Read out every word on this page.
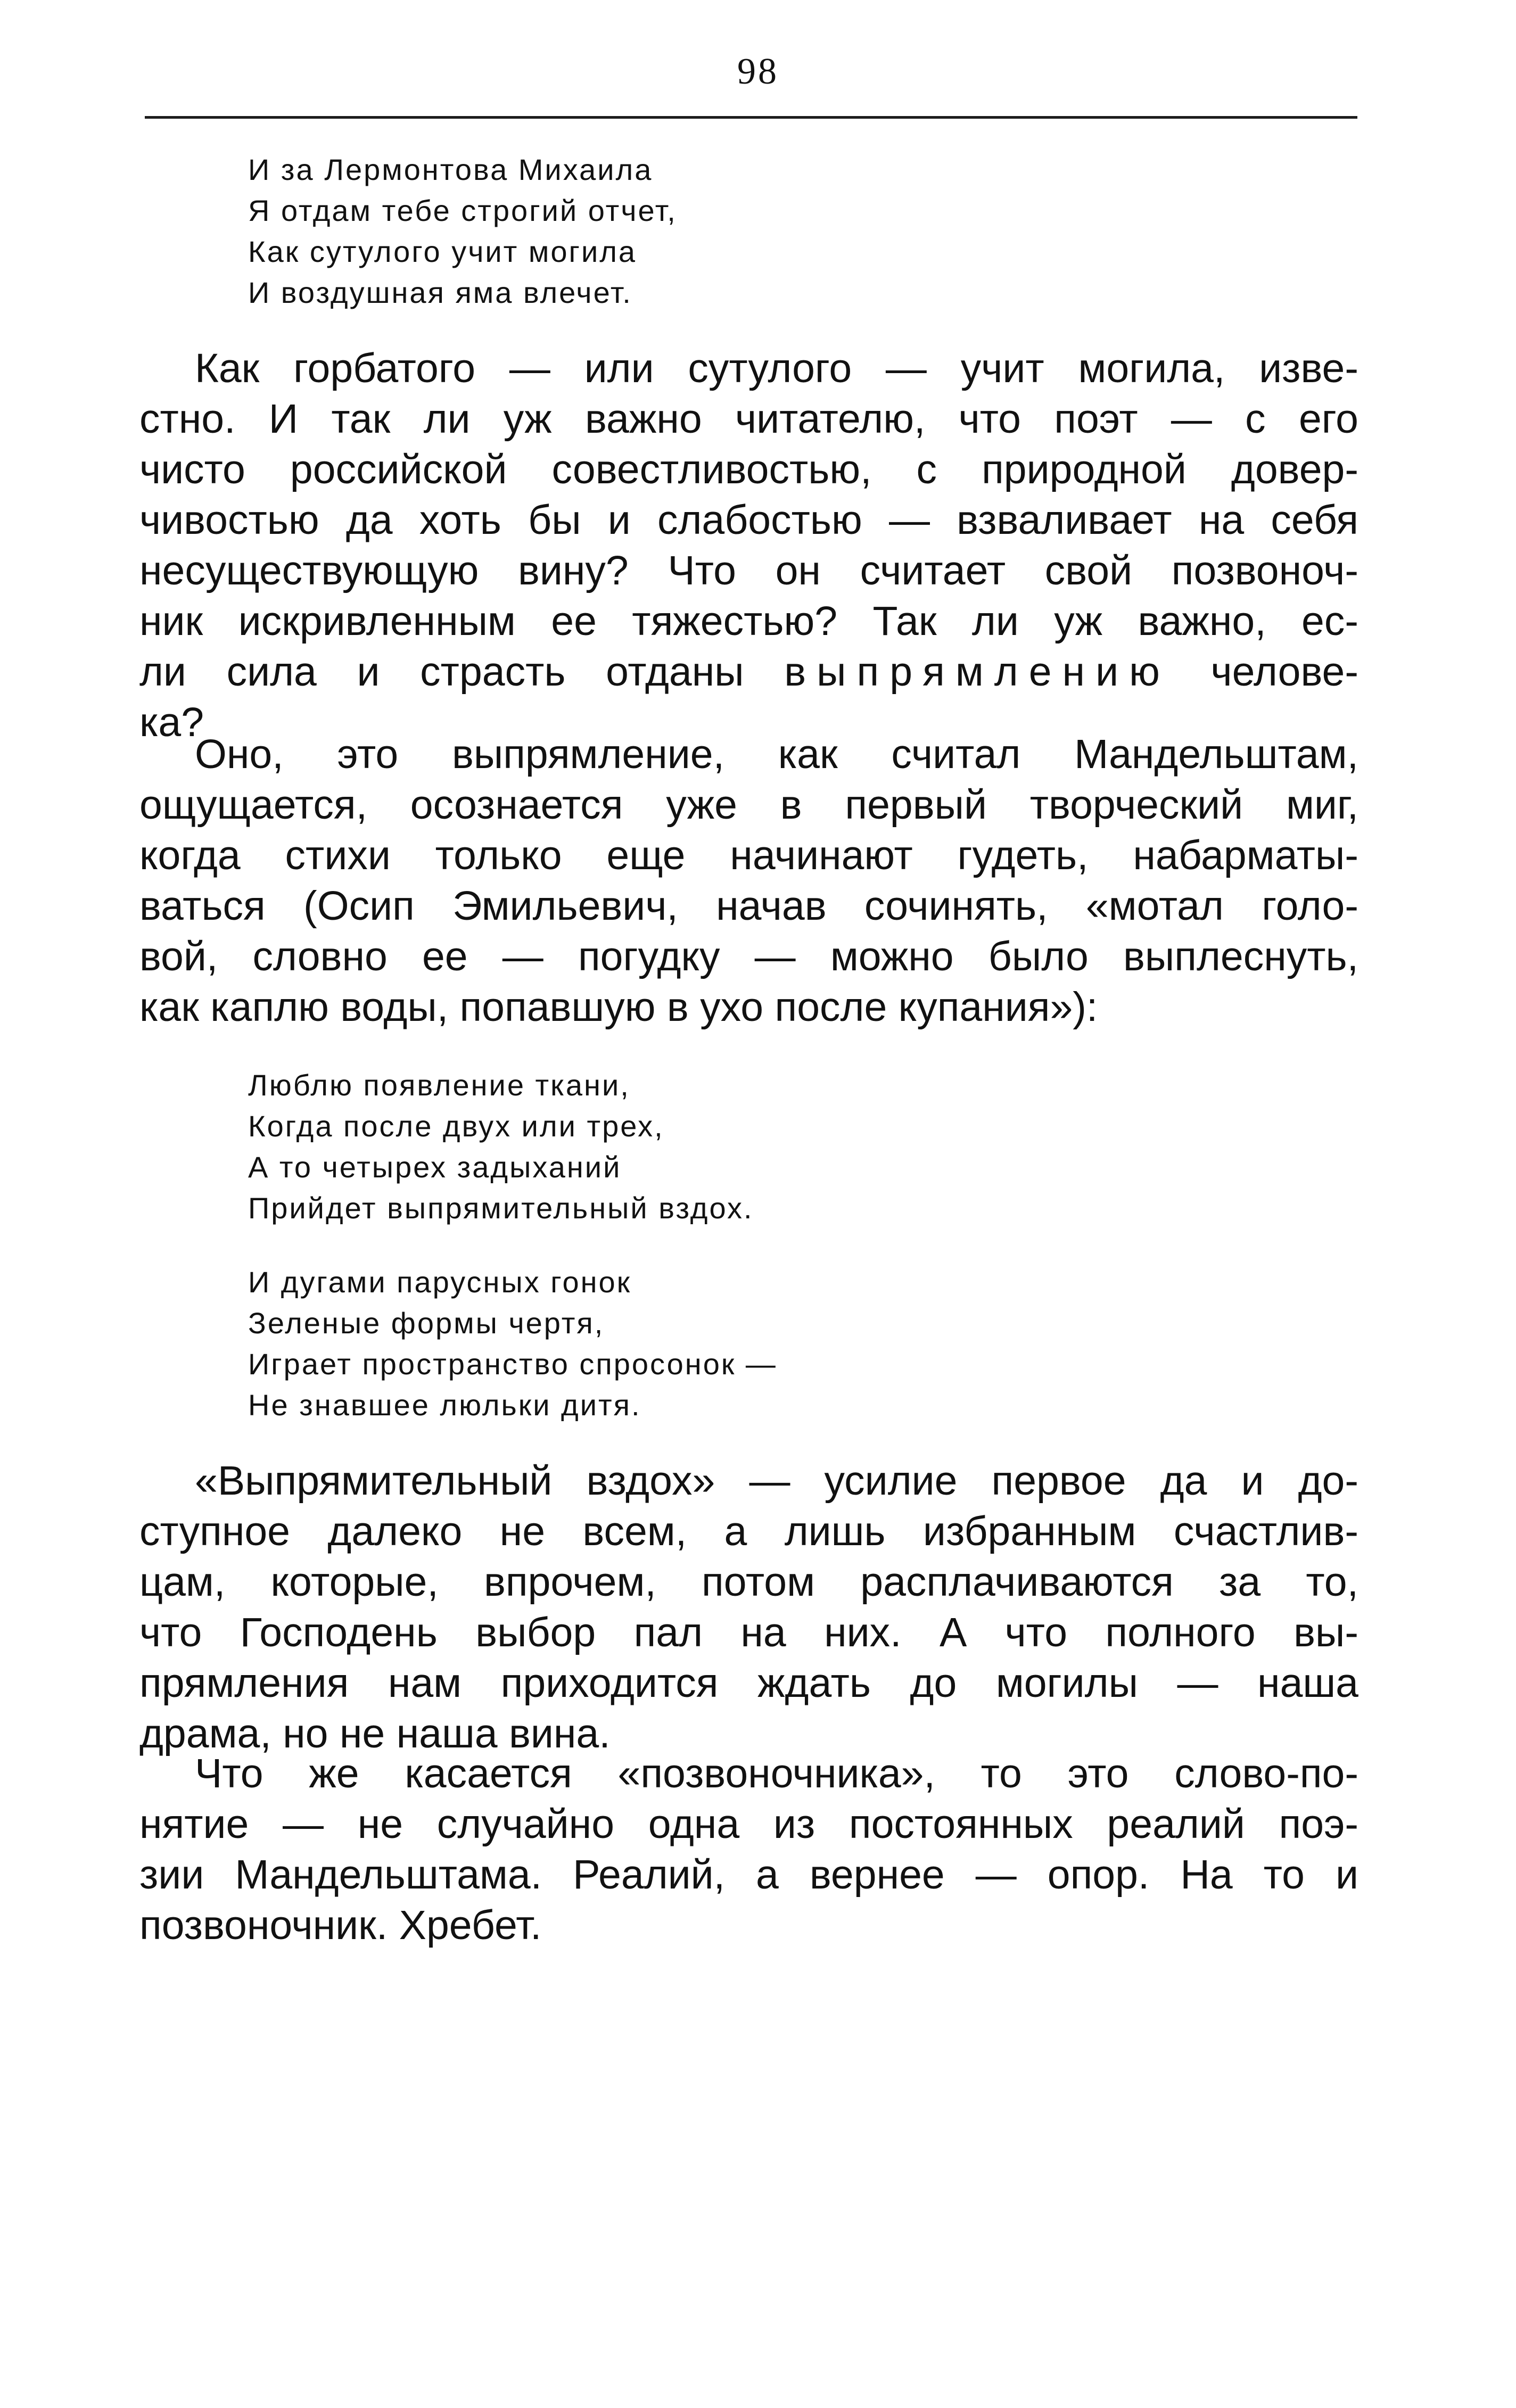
98
И за Лермонтова Михаила
Я отдам тебе строгий отчет,
Как сутулого учит могила
И воздушная яма влечет.
Как горбатого — или сутулого — учит могила, изве-
стно. И так ли уж важно читателю, что поэт — с его
чисто российской совестливостью, с природной довер-
чивостью да хоть бы и слабостью — взваливает на себя
несуществующую вину? Что он считает свой позвоноч-
ник искривленным ее тяжестью? Так ли уж важно, ес-
ли сила и страсть отданы выпрямлению челове-
ка?
Оно, это выпрямление, как считал Мандельштам,
ощущается, осознается уже в первый творческий миг,
когда стихи только еще начинают гудеть, набарматы-
ваться (Осип Эмильевич, начав сочинять, «мотал голо-
вой, словно ее — погудку — можно было выплеснуть,
как каплю воды, попавшую в ухо после купания»):
Люблю появление ткани,
Когда после двух или трех,
А то четырех задыханий
Прийдет выпрямительный вздох.
И дугами парусных гонок
Зеленые формы чертя,
Играет пространство спросонок —
Не знавшее люльки дитя.
«Выпрямительный вздох» — усилие первое да и до-
ступное далеко не всем, а лишь избранным счастлив-
цам, которые, впрочем, потом расплачиваются за то,
что Господень выбор пал на них. А что полного вы-
прямления нам приходится ждать до могилы — наша
драма, но не наша вина.
Что же касается «позвоночника», то это слово-по-
нятие — не случайно одна из постоянных реалий поэ-
зии Мандельштама. Реалий, а вернее — опор. На то и
позвоночник. Хребет.
